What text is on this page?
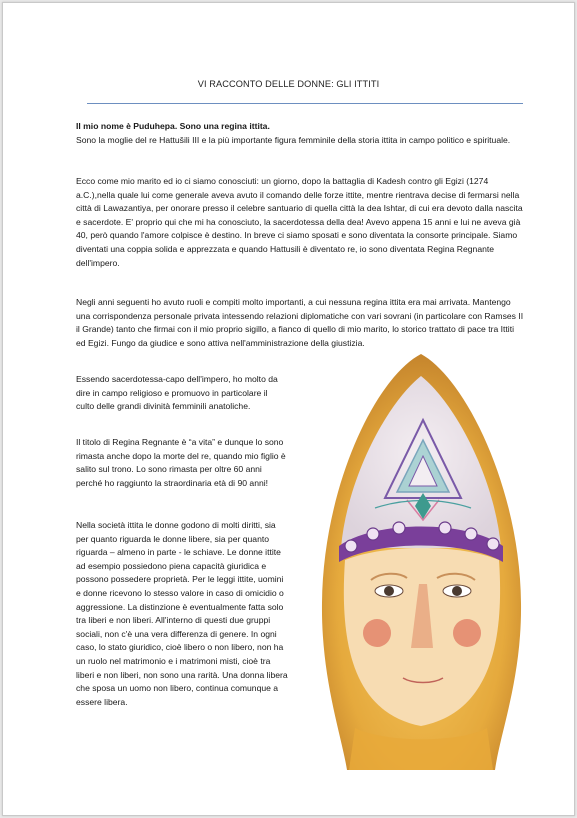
VI RACCONTO DELLE DONNE: GLI ITTITI

Il mio nome è Puduhepa. Sono una regina ittita.

Sono la moglie del re Hattušili III e la più importante figura femminile della storia ittita in campo politico e spirituale.

Ecco come mio marito ed io ci siamo conosciuti: un giorno, dopo la battaglia di Kadesh contro gli Egizi (1274 a.C.),nella quale lui come generale aveva avuto il comando delle forze ittite, mentre rientrava decise di fermarsi nella città di Lawazantiya, per onorare presso il celebre santuario di quella città la dea Ishtar, di cui era devoto dalla nascita e sacerdote. E' proprio qui che mi ha conosciuto, la sacerdotessa della dea! Avevo appena 15 anni e lui ne aveva già 40, però quando l'amore colpisce è destino. In breve ci siamo sposati e sono diventata la consorte principale. Siamo diventati una coppia solida e apprezzata e quando Hattusili è diventato re, io sono diventata Regina Regnante dell'impero.

Negli anni seguenti ho avuto ruoli e compiti molto importanti, a cui nessuna regina ittita era mai arrivata. Mantengo una corrispondenza personale privata intessendo relazioni diplomatiche con vari sovrani (in particolare con Ramses II il Grande) tanto che firmai con il mio proprio sigillo, a fianco di quello di mio marito, lo storico trattato di pace tra Ittiti ed Egizi. Fungo da giudice e sono attiva nell'amministrazione della giustizia.

Essendo sacerdotessa-capo dell'impero, ho molto da dire in campo religioso e promuovo in particolare il culto delle grandi divinità femminili anatoliche.

Il titolo di Regina Regnante è “a vita” e dunque lo sono rimasta anche dopo la morte del re, quando mio figlio è salito sul trono. Lo sono rimasta per oltre 60 anni perché ho raggiunto la straordinaria età di 90 anni!

Nella società ittita le donne godono di molti diritti, sia per quanto riguarda le donne libere, sia per quanto riguarda – almeno in parte - le schiave. Le donne ittite ad esempio possiedono piena capacità giuridica e possono possedere proprietà. Per le leggi ittite, uomini e donne ricevono lo stesso valore in caso di omicidio o aggressione. La distinzione è eventualmente fatta solo tra liberi e non liberi. All'interno di questi due gruppi sociali, non c'è una vera differenza di genere. In ogni caso, lo stato giuridico, cioè libero o non libero, non ha un ruolo nel matrimonio e i matrimoni misti, cioè tra liberi e non liberi, non sono una rarità. Una donna libera che sposa un uomo non libero, continua comunque a essere libera.
